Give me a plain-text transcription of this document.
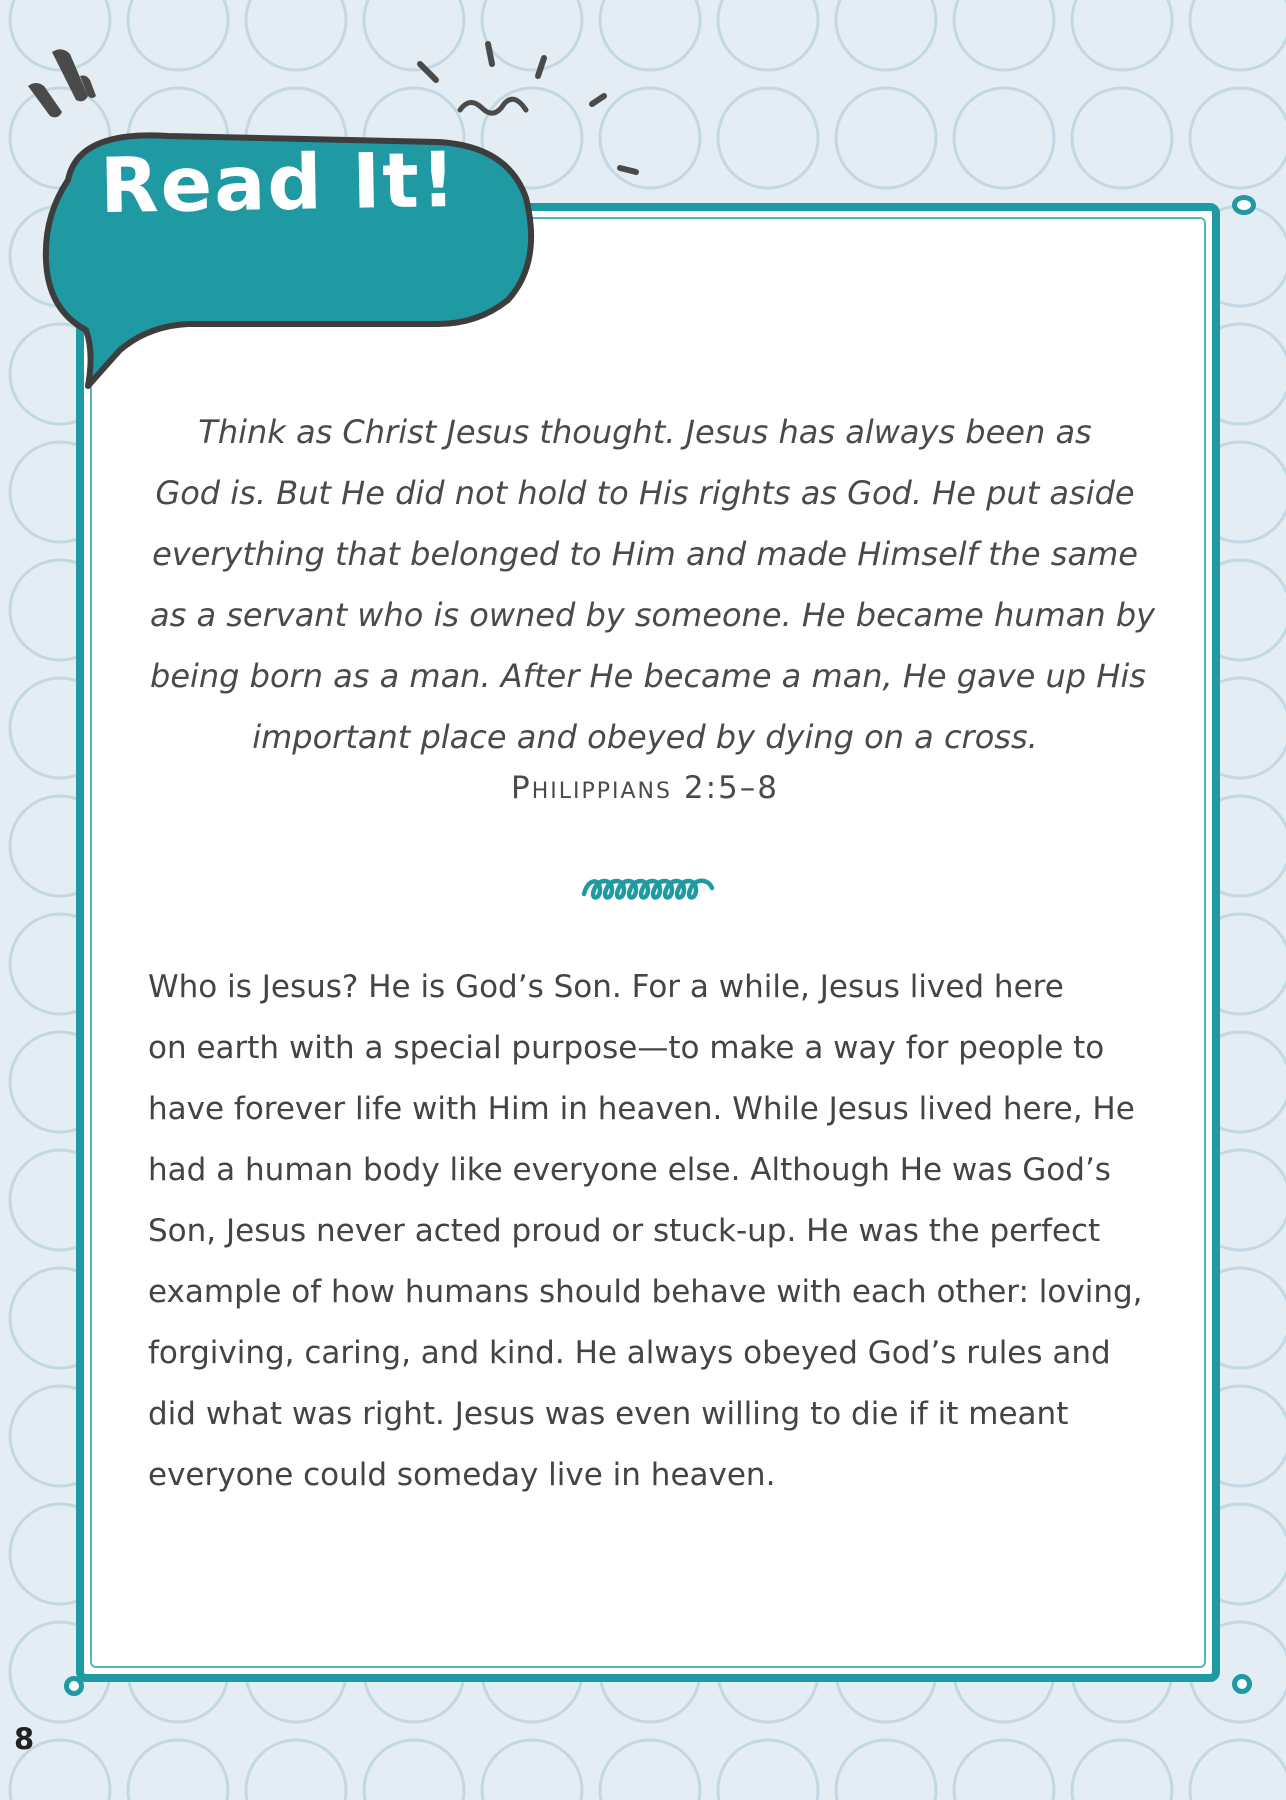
Read It!
Think as Christ Jesus thought. Jesus has always been as
God is. But He did not hold to His rights as God. He put aside
everything that belonged to Him and made Himself the same
as a servant who is owned by someone. He became human by
being born as a man. After He became a man, He gave up His
important place and obeyed by dying on a cross.
Philippians 2:5–8
Who is Jesus? He is God’s Son. For a while, Jesus lived here
on earth with a special purpose—to make a way for people to
have forever life with Him in heaven. While Jesus lived here, He
had a human body like everyone else. Although He was God’s
Son, Jesus never acted proud or stuck-up. He was the perfect
example of how humans should behave with each other: loving,
forgiving, caring, and kind. He always obeyed God’s rules and
did what was right. Jesus was even willing to die if it meant
everyone could someday live in heaven.
8
